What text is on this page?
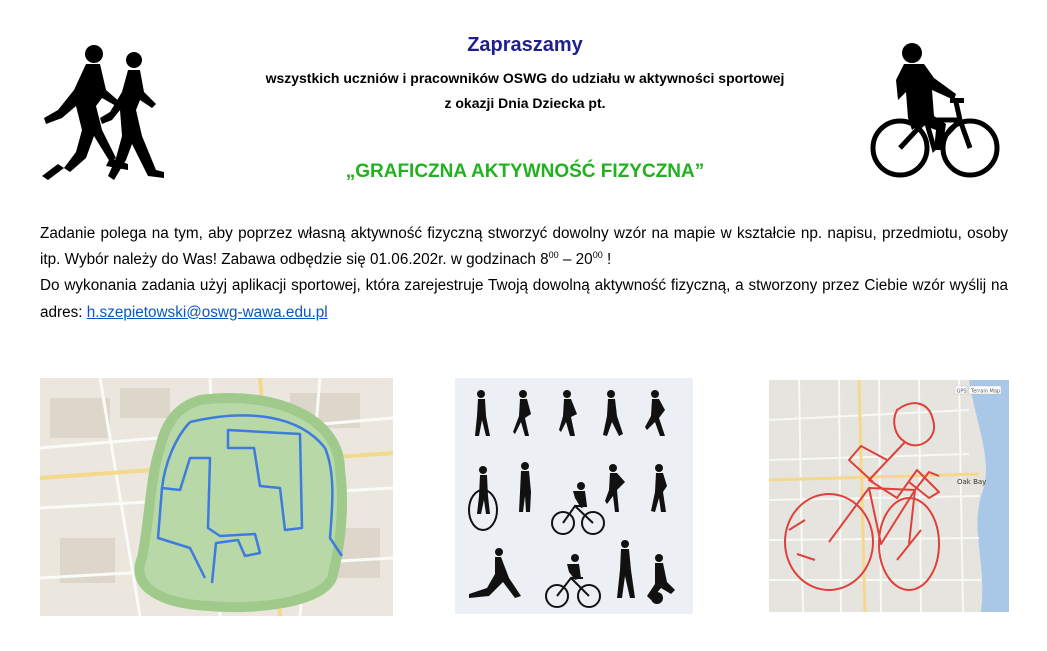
Zapraszamy
wszystkich uczniów i pracowników OSWG do udziału w aktywności sportowej
z okazji Dnia Dziecka pt.
„GRAFICZNA AKTYWNOŚĆ FIZYCZNA”

Zadanie polega na tym, aby poprzez własną aktywność fizyczną stworzyć dowolny wzór na mapie w kształcie np. napisu, przedmiotu, osoby itp. Wybór należy do Was! Zabawa odbędzie się 01.06.202r. w godzinach $8^{00} - 20^{00}$ !

Do wykonania zadania użyj aplikacji sportowej, która zarejestruje Twoją dowolną aktywność fizyczną, a stworzony przez Ciebie wzór wyślij na adres: h.szepietowski@oswg-wawa.edu.pl

GPS Terrain Map
Oak Bay
